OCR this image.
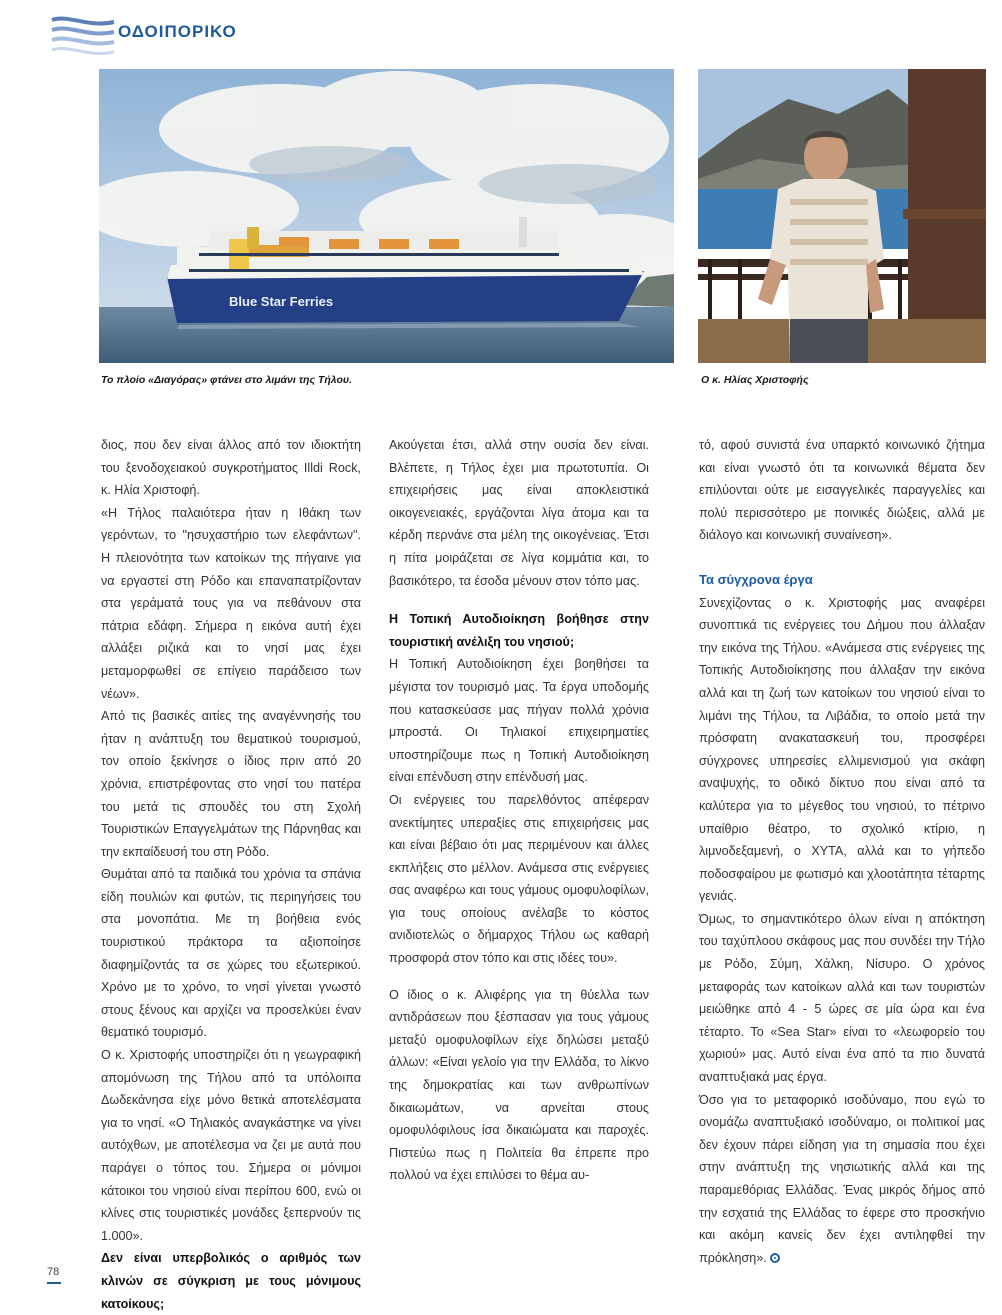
ΟΔΟΙΠΟΡΙΚΟ
Blue Star Ferries
Το πλοίο «Διαγόρας» φτάνει στο λιμάνι της Τήλου.	Ο κ. Ηλίας Χριστοφής

διος, που δεν είναι άλλος από τον ιδιοκτήτη του ξενοδοχειακού συγκροτήματος Illdi Rock, κ. Ηλία Χριστοφή.

«Η Τήλος παλαιότερα ήταν η Ιθάκη των γερόντων, το "ησυχαστήριο των ελεφάντων". Η πλειονότητα των κατοίκων της πήγαινε για να εργαστεί στη Ρόδο και επαναπατρίζονταν στα γεράματά τους για να πεθάνουν στα πάτρια εδάφη. Σήμερα η εικόνα αυτή έχει αλλάξει ριζικά και το νησί μας έχει μεταμορφωθεί σε επίγειο παράδεισο των νέων».

Από τις βασικές αιτίες της αναγέννησής του ήταν η ανάπτυξη του θεματικού τουρισμού, τον οποίο ξεκίνησε ο ίδιος πριν από 20 χρόνια, επιστρέφοντας στο νησί του πατέρα του μετά τις σπουδές του στη Σχολή Τουριστικών Επαγγελμάτων της Πάρνηθας και την εκπαίδευσή του στη Ρόδο.

Θυμάται από τα παιδικά του χρόνια τα σπάνια είδη πουλιών και φυτών, τις περιηγήσεις του στα μονοπάτια. Με τη βοήθεια ενός τουριστικού πράκτορα τα αξιοποίησε διαφημίζοντάς τα σε χώρες του εξωτερικού. Χρόνο με το χρόνο, το νησί γίνεται γνωστό στους ξένους και αρχίζει να προσελκύει έναν θεματικό τουρισμό.

Ο κ. Χριστοφής υποστηρίζει ότι η γεωγραφική απομόνωση της Τήλου από τα υπόλοιπα Δωδεκάνησα είχε μόνο θετικά αποτελέσματα για το νησί. «Ο Τηλιακός αναγκάστηκε να γίνει αυτόχθων, με αποτέλεσμα να ζει με αυτά που παράγει ο τόπος του. Σήμερα οι μόνιμοι κάτοικοι του νησιού είναι περίπου 600, ενώ οι κλίνες στις τουριστικές μονάδες ξεπερνούν τις 1.000».

Δεν είναι υπερβολικός ο αριθμός των κλινών σε σύγκριση με τους μόνιμους κατοίκους;

Ακούγεται έτσι, αλλά στην ουσία δεν είναι. Βλέπετε, η Τήλος έχει μια πρωτοτυπία. Οι επιχειρήσεις μας είναι αποκλειστικά οικογενειακές, εργάζονται λίγα άτομα και τα κέρδη περνάνε στα μέλη της οικογένειας. Έτσι η πίτα μοιράζεται σε λίγα κομμάτια και, το βασικότερο, τα έσοδα μένουν στον τόπο μας.

Η Τοπική Αυτοδιοίκηση βοήθησε στην τουριστική ανέλιξη του νησιού;

Η Τοπική Αυτοδιοίκηση έχει βοηθήσει τα μέγιστα τον τουρισμό μας. Τα έργα υποδομής που κατασκεύασε μας πήγαν πολλά χρόνια μπροστά. Οι Τηλιακοί επιχειρηματίες υποστηρίζουμε πως η Τοπική Αυτοδιοίκηση είναι επένδυση στην επένδυσή μας.

Οι ενέργειες του παρελθόντος απέφεραν ανεκτίμητες υπεραξίες στις επιχειρήσεις μας και είναι βέβαιο ότι μας περιμένουν και άλλες εκπλήξεις στο μέλλον. Ανάμεσα στις ενέργειες σας αναφέρω και τους γάμους ομοφυλοφίλων, για τους οποίους ανέλαβε το κόστος ανιδιοτελώς ο δήμαρχος Τήλου ως καθαρή προσφορά στον τόπο και στις ιδέες του».

Ο ίδιος ο κ. Αλιφέρης για τη θύελλα των αντιδράσεων που ξέσπασαν για τους γάμους μεταξύ ομοφυλοφίλων είχε δηλώσει μεταξύ άλλων: «Είναι γελοίο για την Ελλάδα, το λίκνο της δημοκρατίας και των ανθρωπίνων δικαιωμάτων, να αρνείται στους ομοφυλόφιλους ίσα δικαιώματα και παροχές. Πιστεύω πως η Πολιτεία θα έπρεπε προ πολλού να έχει επιλύσει το θέμα αυ-

τό, αφού συνιστά ένα υπαρκτό κοινωνικό ζήτημα και είναι γνωστό ότι τα κοινωνικά θέματα δεν επιλύονται ούτε με εισαγγελικές παραγγελίες και πολύ περισσότερο με ποινικές διώξεις, αλλά με διάλογο και κοινωνική συναίνεση».

Τα σύγχρονα έργα

Συνεχίζοντας ο κ. Χριστοφής μας αναφέρει συνοπτικά τις ενέργειες του Δήμου που άλλαξαν την εικόνα της Τήλου. «Ανάμεσα στις ενέργειες της Τοπικής Αυτοδιοίκησης που άλλαξαν την εικόνα αλλά και τη ζωή των κατοίκων του νησιού είναι το λιμάνι της Τήλου, τα Λιβάδια, το οποίο μετά την πρόσφατη ανακατασκευή του, προσφέρει σύγχρονες υπηρεσίες ελλιμενισμού για σκάφη αναψυχής, το οδικό δίκτυο που είναι από τα καλύτερα για το μέγεθος του νησιού, το πέτρινο υπαίθριο θέατρο, το σχολικό κτίριο, η λιμνοδεξαμενή, ο ΧΥΤΑ, αλλά και το γήπεδο ποδοσφαίρου με φωτισμό και χλοοτάπητα τέταρτης γενιάς.

Όμως, το σημαντικότερο όλων είναι η απόκτηση του ταχύπλοου σκάφους μας που συνδέει την Τήλο με Ρόδο, Σύμη, Χάλκη, Νίσυρο. Ο χρόνος μεταφοράς των κατοίκων αλλά και των τουριστών μειώθηκε από 4 - 5 ώρες σε μία ώρα και ένα τέταρτο. Το «Sea Star» είναι το «λεωφορείο του χωριού» μας. Αυτό είναι ένα από τα πιο δυνατά αναπτυξιακά μας έργα.

Όσο για το μεταφορικό ισοδύναμο, που εγώ το ονομάζω αναπτυξιακό ισοδύναμο, οι πολιτικοί μας δεν έχουν πάρει είδηση για τη σημασία που έχει στην ανάπτυξη της νησιωτικής αλλά και της παραμεθόριας Ελλάδας. Ένας μικρός δήμος από την εσχατιά της Ελλάδας το έφερε στο προσκήνιο και ακόμη κανείς δεν έχει αντιληφθεί την πρόκληση».

78
